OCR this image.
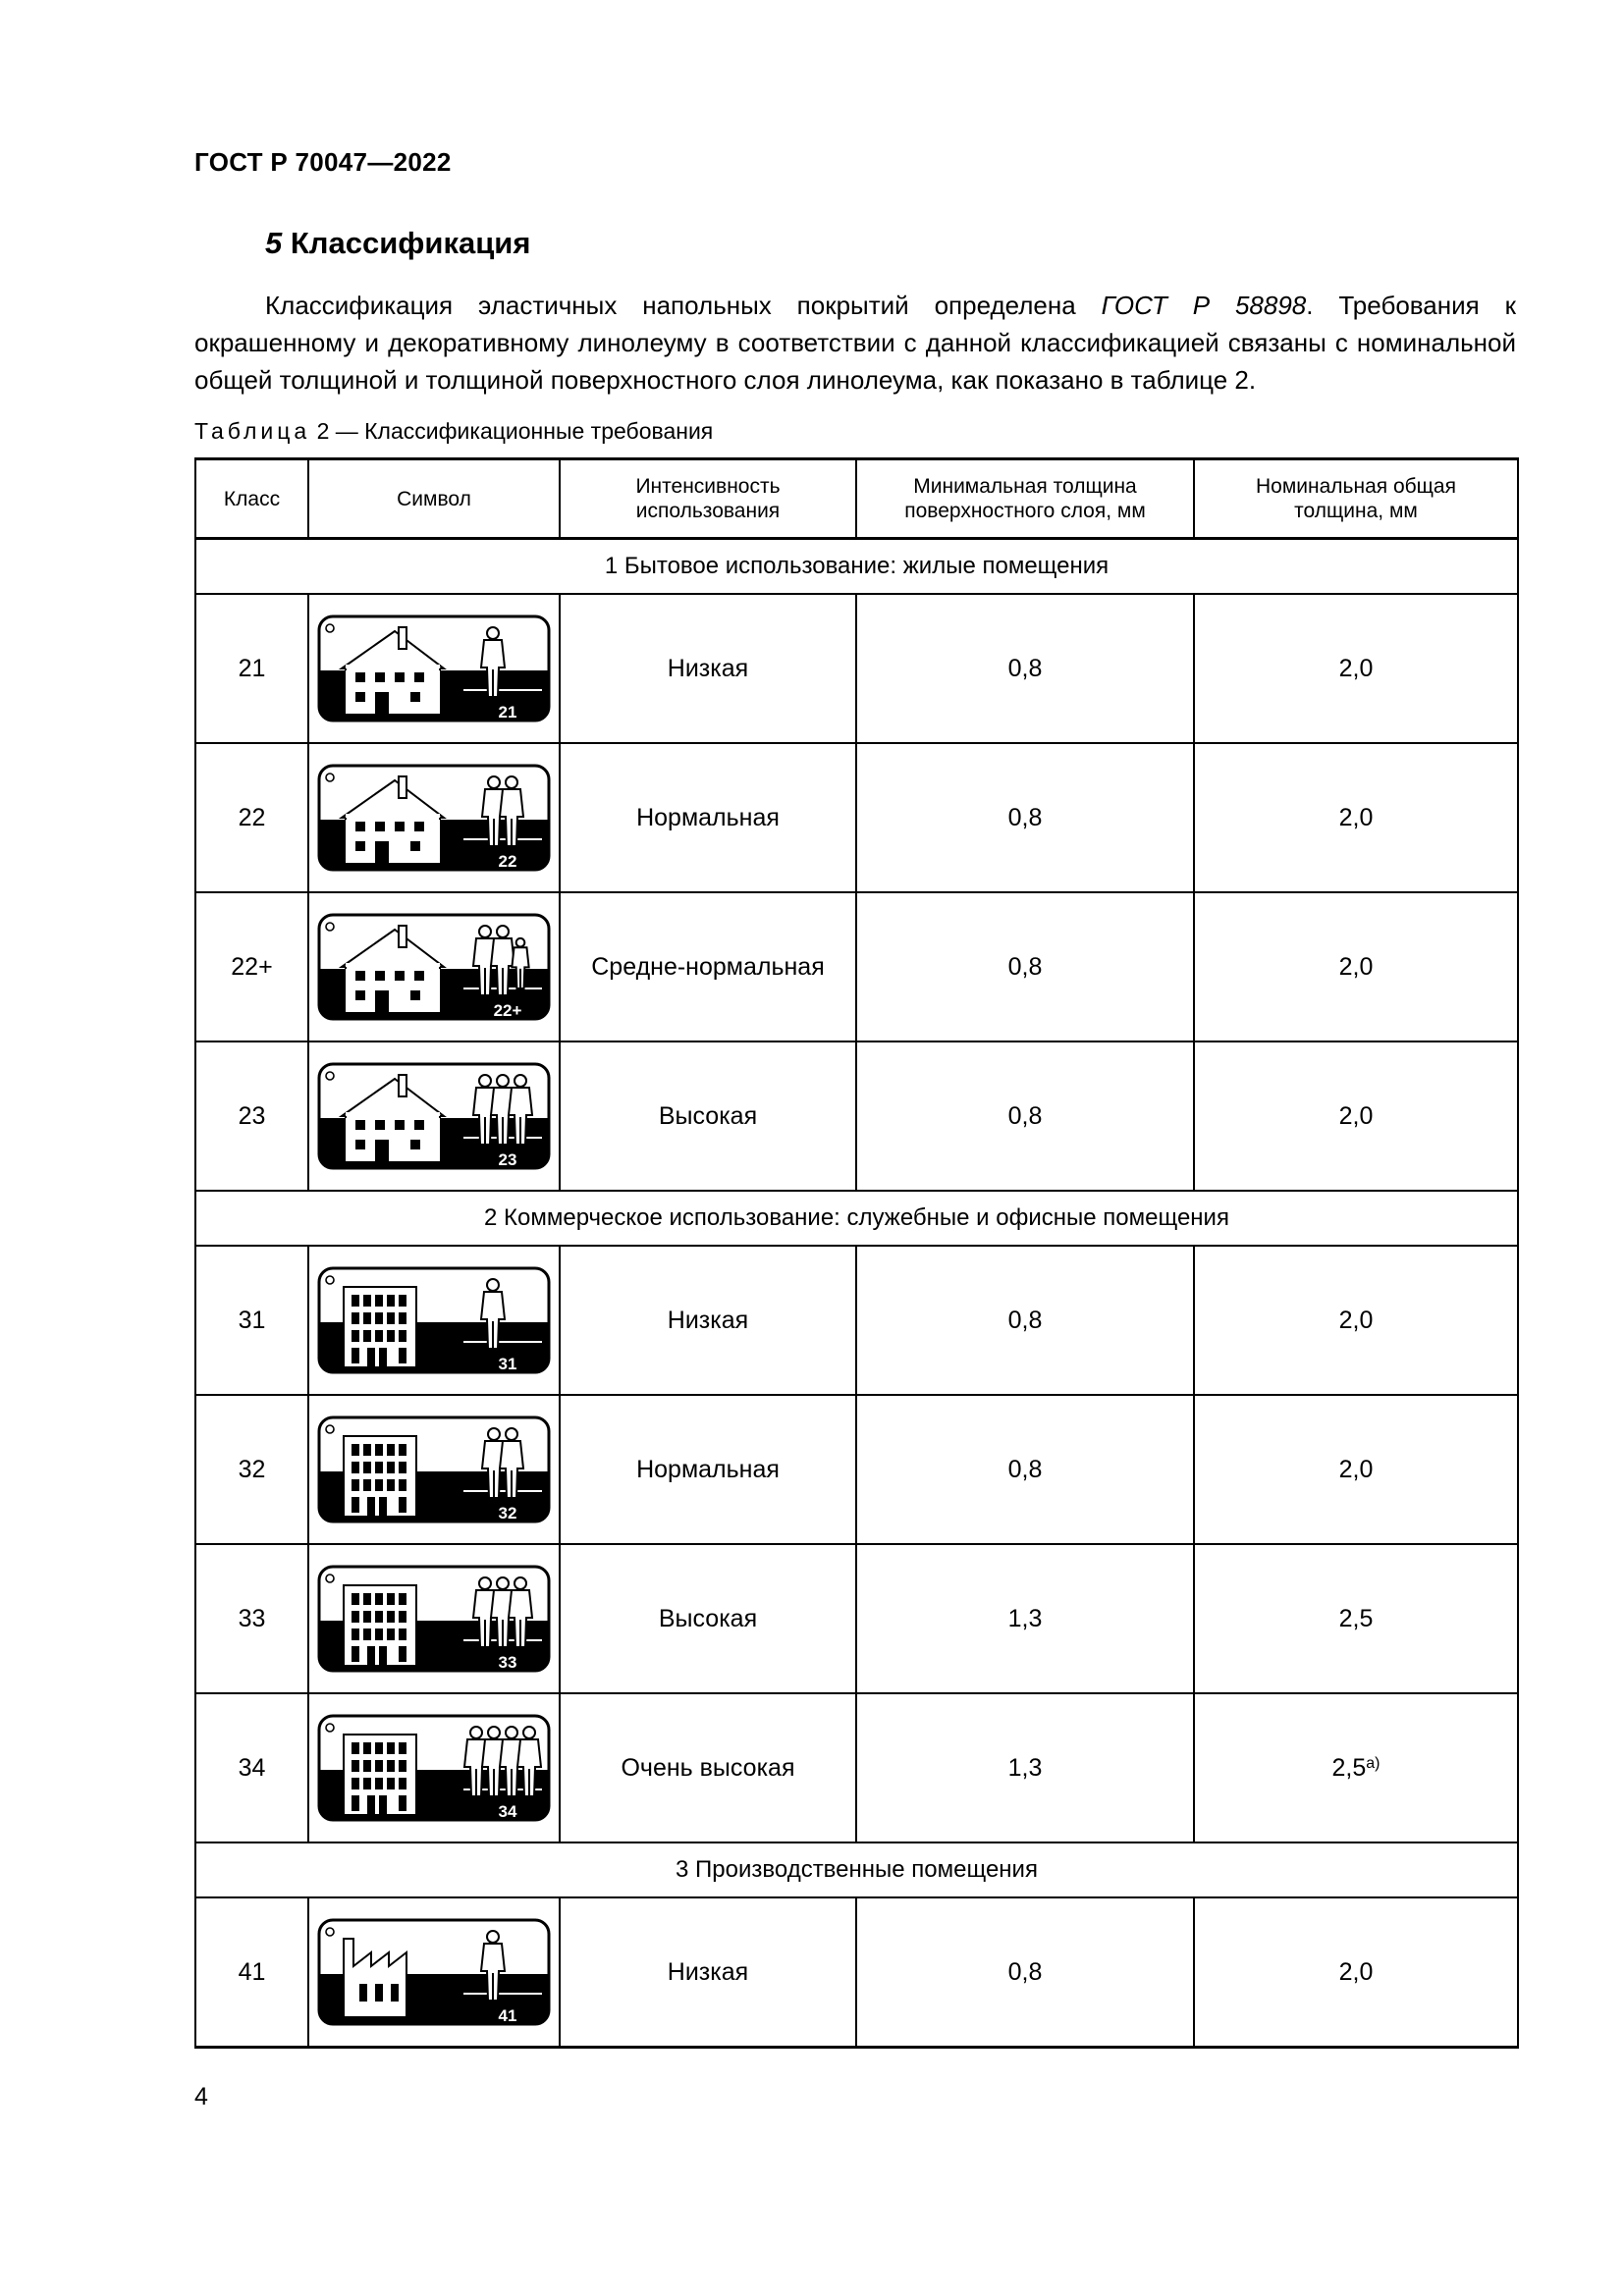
ГОСТ Р 70047—2022
5 Классификация
Классификация эластичных напольных покрытий определена ГОСТ Р 58898. Требования к окрашенному и декоративному линолеуму в соответствии с данной классификацией связаны с номинальной общей толщиной и толщиной поверхностного слоя линолеума, как показано в таблице 2.
Таблица 2 — Классификационные требования
Класс	Символ	Интенсивность использования	Минимальная толщина поверхностного слоя, мм	Номинальная общая толщина, мм

1 Бытовое использование: жилые помещения				
21	21	Низкая	0,8	2,0
22	22	Нормальная	0,8	2,0
22+	22+	Средне-нормальная	0,8	2,0
23	23	Высокая	0,8	2,0
2 Коммерческое использование: служебные и офисные помещения				
31	31	Низкая	0,8	2,0
32	32	Нормальная	0,8	2,0
33	33	Высокая	1,3	2,5
34	34	Очень высокая	1,3	$2,5^{а)}$
3 Производственные помещения				
41	41	Низкая	0,8	2,0
4
